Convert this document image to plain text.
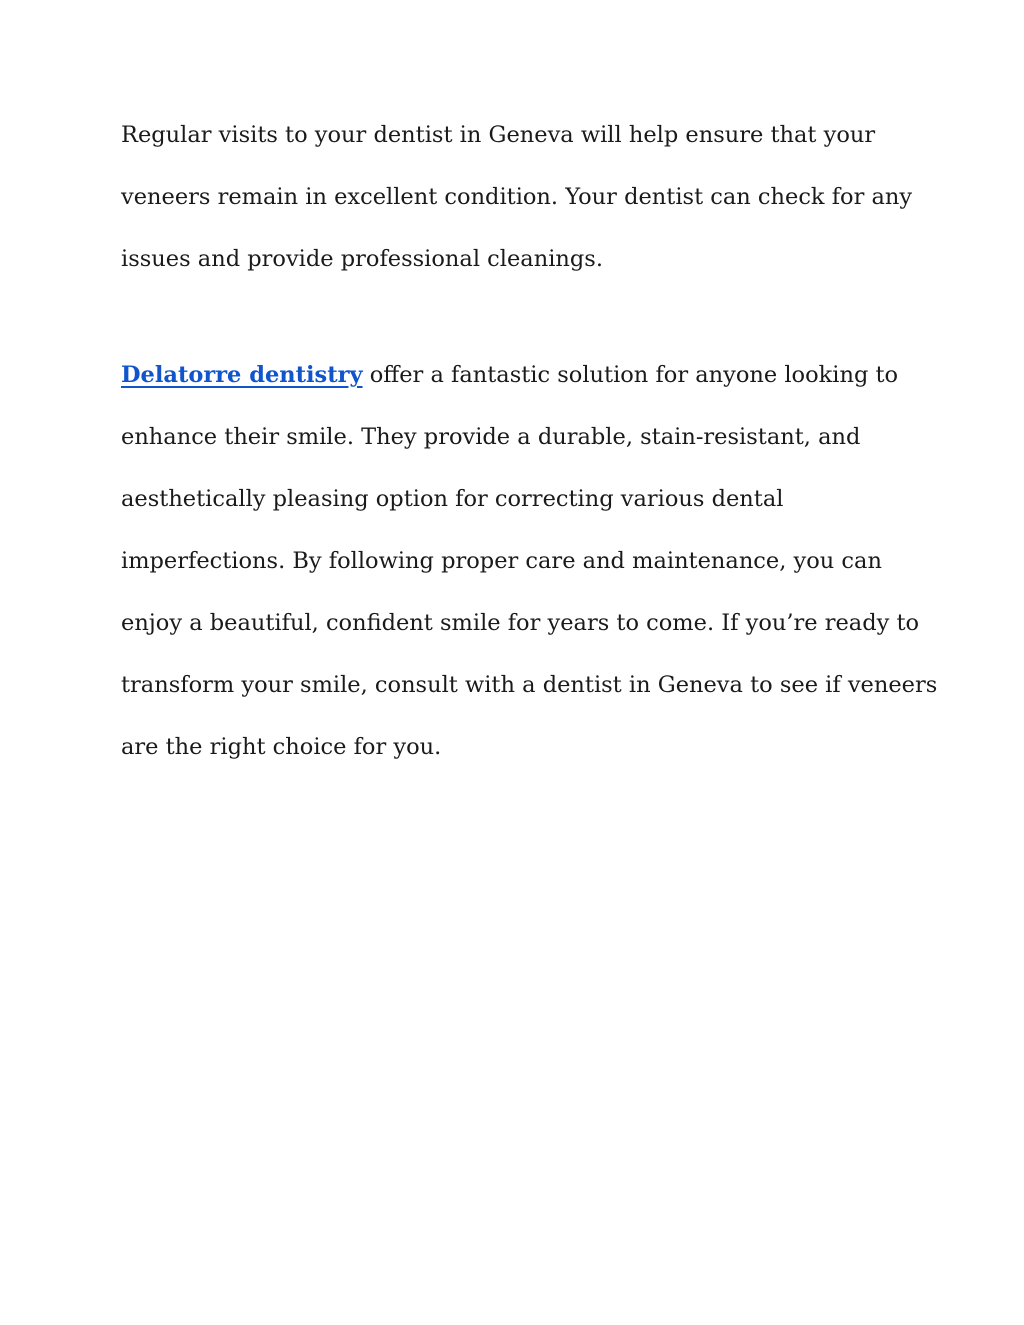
Regular visits to your dentist in Geneva will help ensure that your
veneers remain in excellent condition. Your dentist can check for any
issues and provide professional cleanings.
Delatorre dentistry offer a fantastic solution for anyone looking to
enhance their smile. They provide a durable, stain-resistant, and
aesthetically pleasing option for correcting various dental
imperfections. By following proper care and maintenance, you can
enjoy a beautiful, confident smile for years to come. If you’re ready to
transform your smile, consult with a dentist in Geneva to see if veneers
are the right choice for you.
